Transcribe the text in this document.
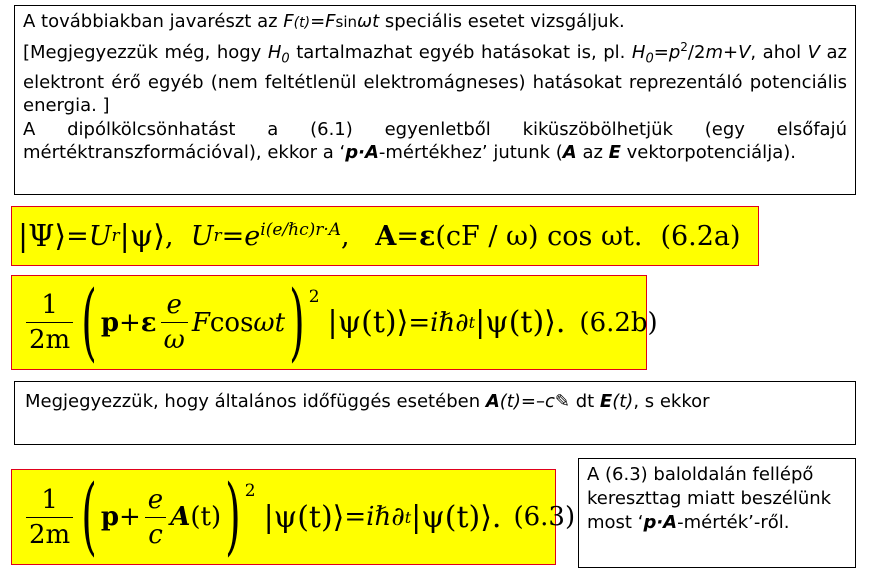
A továbbiakban javarészt az F(t)=Fsinωt speciális esetet vizsgáljuk.

[Megjegyezzük még, hogy $H_0$ tartalmazhat egyéb hatásokat is, pl. $H_0=p^2/2m+V$, ahol V az elektront érő egyéb (nem feltétlenül elektromágneses) hatásokat reprezentáló potenciális energia. ]

A dipólkölcsönhatást a (6.1) egyenletből kiküszöbölhetjük (egy elsőfajú mértéktranszformációval), ekkor a ‘p·A-mértékhez’ jutunk (A az E vektorpotenciálja).

|Ψ⟩ = U r |ψ⟩ , U $r = e^{i(e/\hbar c)r\cdot A}$ , A = ε (cF / ω) cos ωt. (6.2a)
$\frac{1}{2m}$ ( p + ε $\frac{e}{\omega}$ F cos ωt ) 2
|ψ(t)⟩ = iℏ∂ t |ψ(t)⟩. (6.2b)
Megjegyezzük, hogy általános időfüggés esetében A(t)=–c✎ dt E(t), s ekkor
$\frac{1}{2m}$ ( $p + \frac{e}{c}$ A (t) ) 2
|ψ(t)⟩ = iℏ∂ t |ψ(t)⟩. (6.3)
A (6.3) baloldalán fellépő kereszttag miatt beszélünk most ‘p·A-mérték’-ről.
